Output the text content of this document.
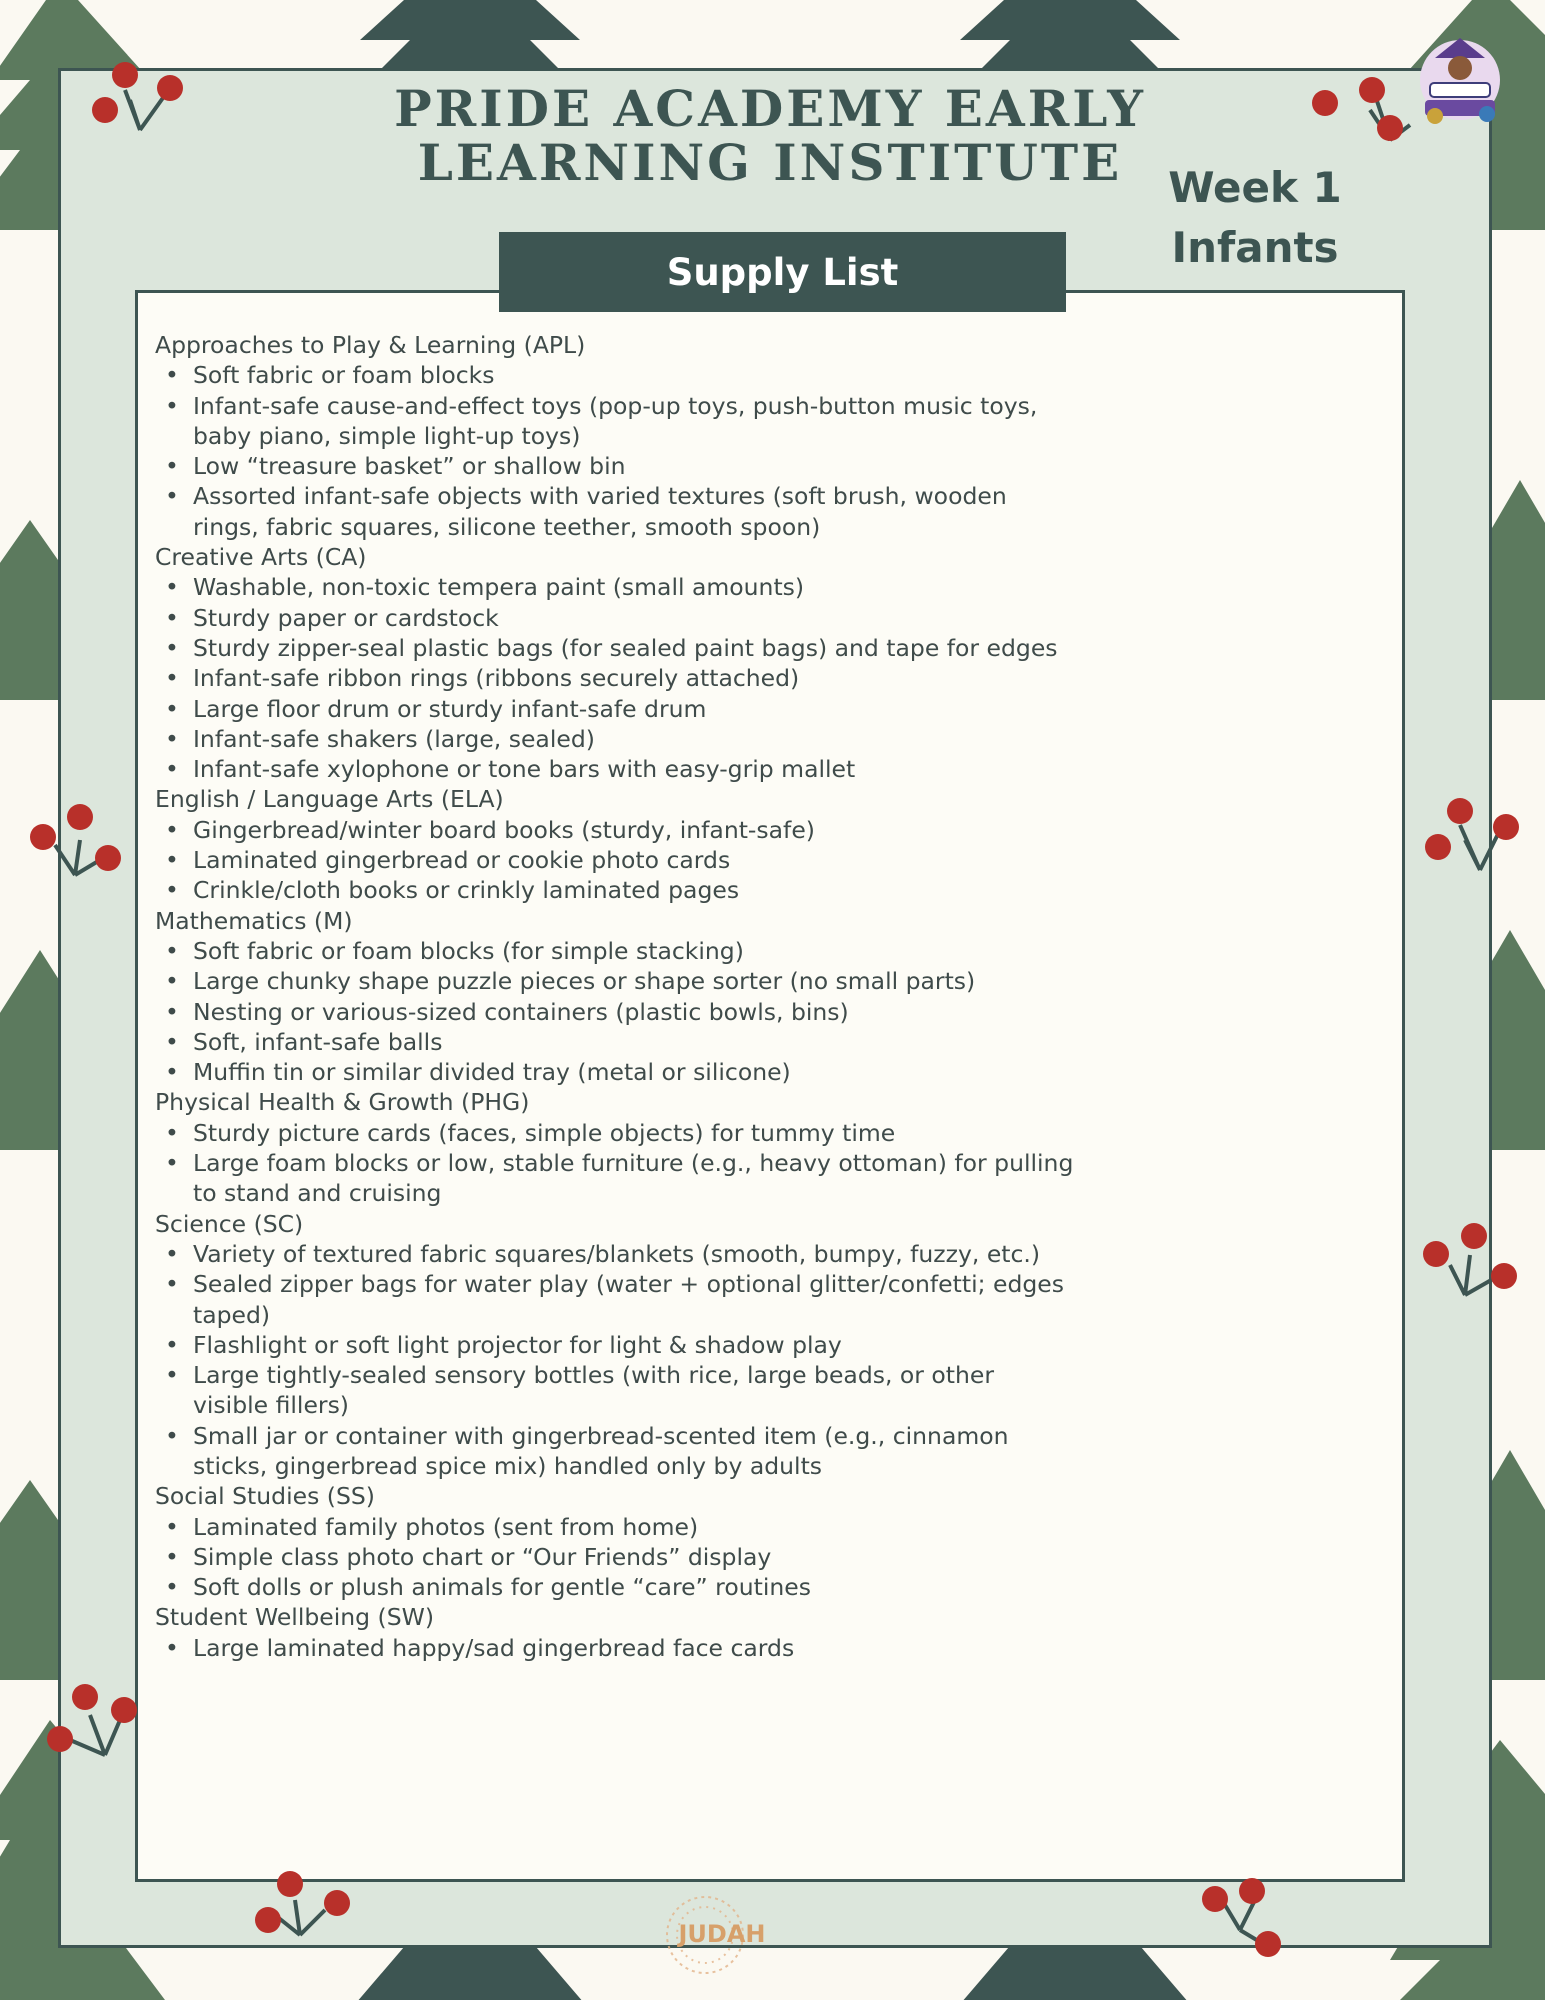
PRIDE ACADEMY EARLY
LEARNING INSTITUTE	Week 1
Infants
Supply List
Approaches to Play & Learning (APL)
• Soft fabric or foam blocks
• Infant-safe cause-and-effect toys (pop-up toys, push-button music toys, baby piano, simple light-up toys)
• Low “treasure basket” or shallow bin
• Assorted infant-safe objects with varied textures (soft brush, wooden rings, fabric squares, silicone teether, smooth spoon)
Creative Arts (CA)
• Washable, non-toxic tempera paint (small amounts)
• Sturdy paper or cardstock
• Sturdy zipper-seal plastic bags (for sealed paint bags) and tape for edges
• Infant-safe ribbon rings (ribbons securely attached)
• Large floor drum or sturdy infant-safe drum
• Infant-safe shakers (large, sealed)
• Infant-safe xylophone or tone bars with easy-grip mallet
English / Language Arts (ELA)
• Gingerbread/winter board books (sturdy, infant-safe)
• Laminated gingerbread or cookie photo cards
• Crinkle/cloth books or crinkly laminated pages
Mathematics (M)
• Soft fabric or foam blocks (for simple stacking)
• Large chunky shape puzzle pieces or shape sorter (no small parts)
• Nesting or various-sized containers (plastic bowls, bins)
• Soft, infant-safe balls
• Muffin tin or similar divided tray (metal or silicone)
Physical Health & Growth (PHG)
• Sturdy picture cards (faces, simple objects) for tummy time
• Large foam blocks or low, stable furniture (e.g., heavy ottoman) for pulling to stand and cruising
Science (SC)
• Variety of textured fabric squares/blankets (smooth, bumpy, fuzzy, etc.)
• Sealed zipper bags for water play (water + optional glitter/confetti; edges taped)
• Flashlight or soft light projector for light & shadow play
• Large tightly-sealed sensory bottles (with rice, large beads, or other visible fillers)
• Small jar or container with gingerbread-scented item (e.g., cinnamon sticks, gingerbread spice mix) handled only by adults
Social Studies (SS)
• Laminated family photos (sent from home)
• Simple class photo chart or “Our Friends” display
• Soft dolls or plush animals for gentle “care” routines
Student Wellbeing (SW)
• Large laminated happy/sad gingerbread face cards
JUDAH
